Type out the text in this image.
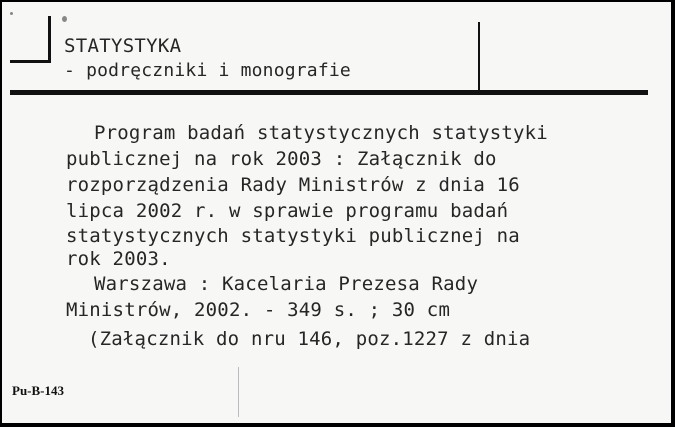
STATYSTYKA
- podręczniki i monografie
Program badań statystycznych statystyki
publicznej na rok 2003 : Załącznik do
rozporządzenia Rady Ministrów z dnia 16
lipca 2002 r. w sprawie programu badań
statystycznych statystyki publicznej na
rok 2003.
Warszawa : Kacelaria Prezesa Rady
Ministrów, 2002. - 349 s. ; 30 cm
(Załącznik do nru 146, poz.1227 z dnia
Pu-B-143
